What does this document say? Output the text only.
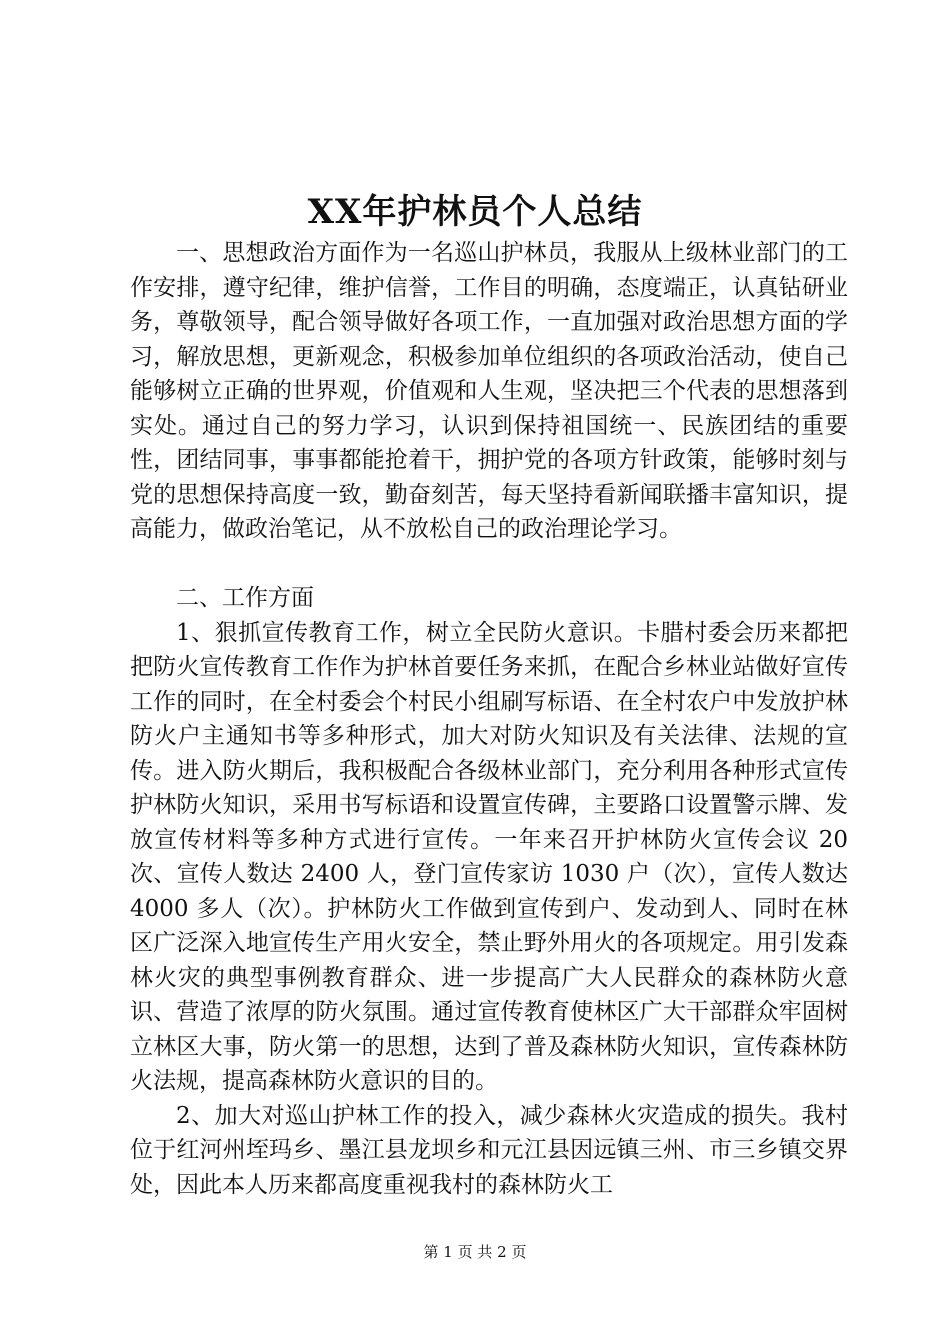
XX年护林员个人总结

一、思想政治方面作为一名巡山护林员，我服从上级林业部门的工作安排，遵守纪律，维护信誉，工作目的明确，态度端正，认真钻研业务，尊敬领导，配合领导做好各项工作，一直加强对政治思想方面的学习，解放思想，更新观念，积极参加单位组织的各项政治活动，使自己能够树立正确的世界观，价值观和人生观，坚决把三个代表的思想落到实处。通过自己的努力学习，认识到保持祖国统一、民族团结的重要性，团结同事，事事都能抢着干，拥护党的各项方针政策，能够时刻与党的思想保持高度一致，勤奋刻苦，每天坚持看新闻联播丰富知识，提高能力，做政治笔记，从不放松自己的政治理论学习。

二、工作方面

1、狠抓宣传教育工作，树立全民防火意识。卡腊村委会历来都把把防火宣传教育工作作为护林首要任务来抓，在配合乡林业站做好宣传工作的同时，在全村委会个村民小组刷写标语、在全村农户中发放护林防火户主通知书等多种形式，加大对防火知识及有关法律、法规的宣传。进入防火期后，我积极配合各级林业部门，充分利用各种形式宣传护林防火知识，采用书写标语和设置宣传碑，主要路口设置警示牌、发放宣传材料等多种方式进行宣传。一年来召开护林防火宣传会议 20 次、宣传人数达 2400 人，登门宣传家访 1030 户（次），宣传人数达 4000 多人（次）。护林防火工作做到宣传到户、发动到人、同时在林区广泛深入地宣传生产用火安全，禁止野外用火的各项规定。用引发森林火灾的典型事例教育群众、进一步提高广大人民群众的森林防火意识、营造了浓厚的防火氛围。通过宣传教育使林区广大干部群众牢固树立林区大事，防火第一的思想，达到了普及森林防火知识，宣传森林防火法规，提高森林防火意识的目的。

2、加大对巡山护林工作的投入，减少森林火灾造成的损失。我村位于红河州垤玛乡、墨江县龙坝乡和元江县因远镇三州、市三乡镇交界处，因此本人历来都高度重视我村的森林防火工

第 1 页 共 2 页
